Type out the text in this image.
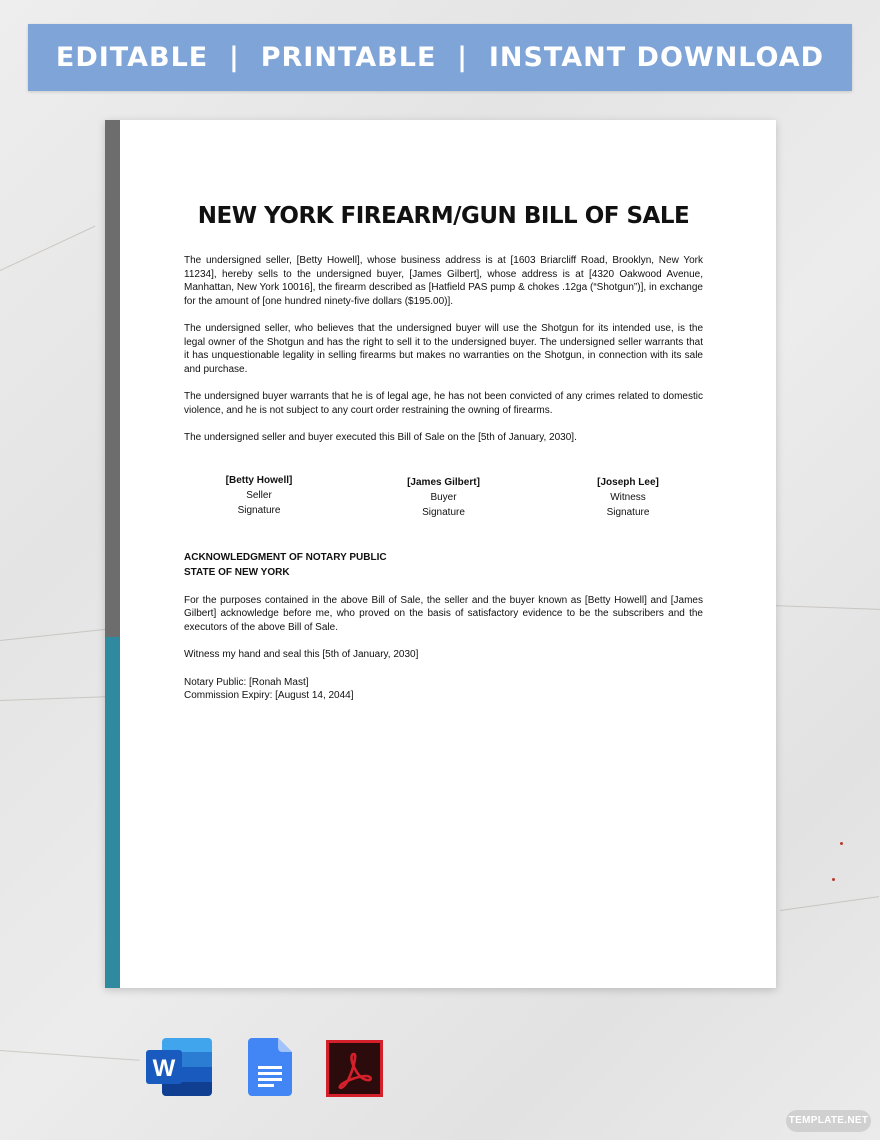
EDITABLE  |  PRINTABLE  |  INSTANT DOWNLOAD
NEW YORK FIREARM/GUN BILL OF SALE

The undersigned seller, [Betty Howell], whose business address is at [1603 Briarcliff Road, Brooklyn, New York 11234], hereby sells to the undersigned buyer, [James Gilbert], whose address is at [4320 Oakwood Avenue, Manhattan, New York 10016], the firearm described as [Hatfield PAS pump & chokes .12ga (“Shotgun”)], in exchange for the amount of [one hundred ninety-five dollars ($195.00)].

The undersigned seller, who believes that the undersigned buyer will use the Shotgun for its intended use, is the legal owner of the Shotgun and has the right to sell it to the undersigned buyer. The undersigned seller warrants that it has unquestionable legality in selling firearms but makes no warranties on the Shotgun, in connection with its sale and purchase.

The undersigned buyer warrants that he is of legal age, he has not been convicted of any crimes related to domestic violence, and he is not subject to any court order restraining the owning of firearms.

The undersigned seller and buyer executed this Bill of Sale on the [5th of January, 2030].

[Betty Howell]
Seller
Signature
[James Gilbert]
Buyer
Signature
[Joseph Lee]
Witness
Signature
ACKNOWLEDGMENT OF NOTARY PUBLIC
STATE OF NEW YORK

For the purposes contained in the above Bill of Sale, the seller and the buyer known as [Betty Howell] and [James Gilbert] acknowledge before me, who proved on the basis of satisfactory evidence to be the subscribers and the executors of the above Bill of Sale.

Witness my hand and seal this [5th of January, 2030]

Notary Public: [Ronah Mast]

Commission Expiry: [August 14, 2044]

W
TEMPLATE.NET
